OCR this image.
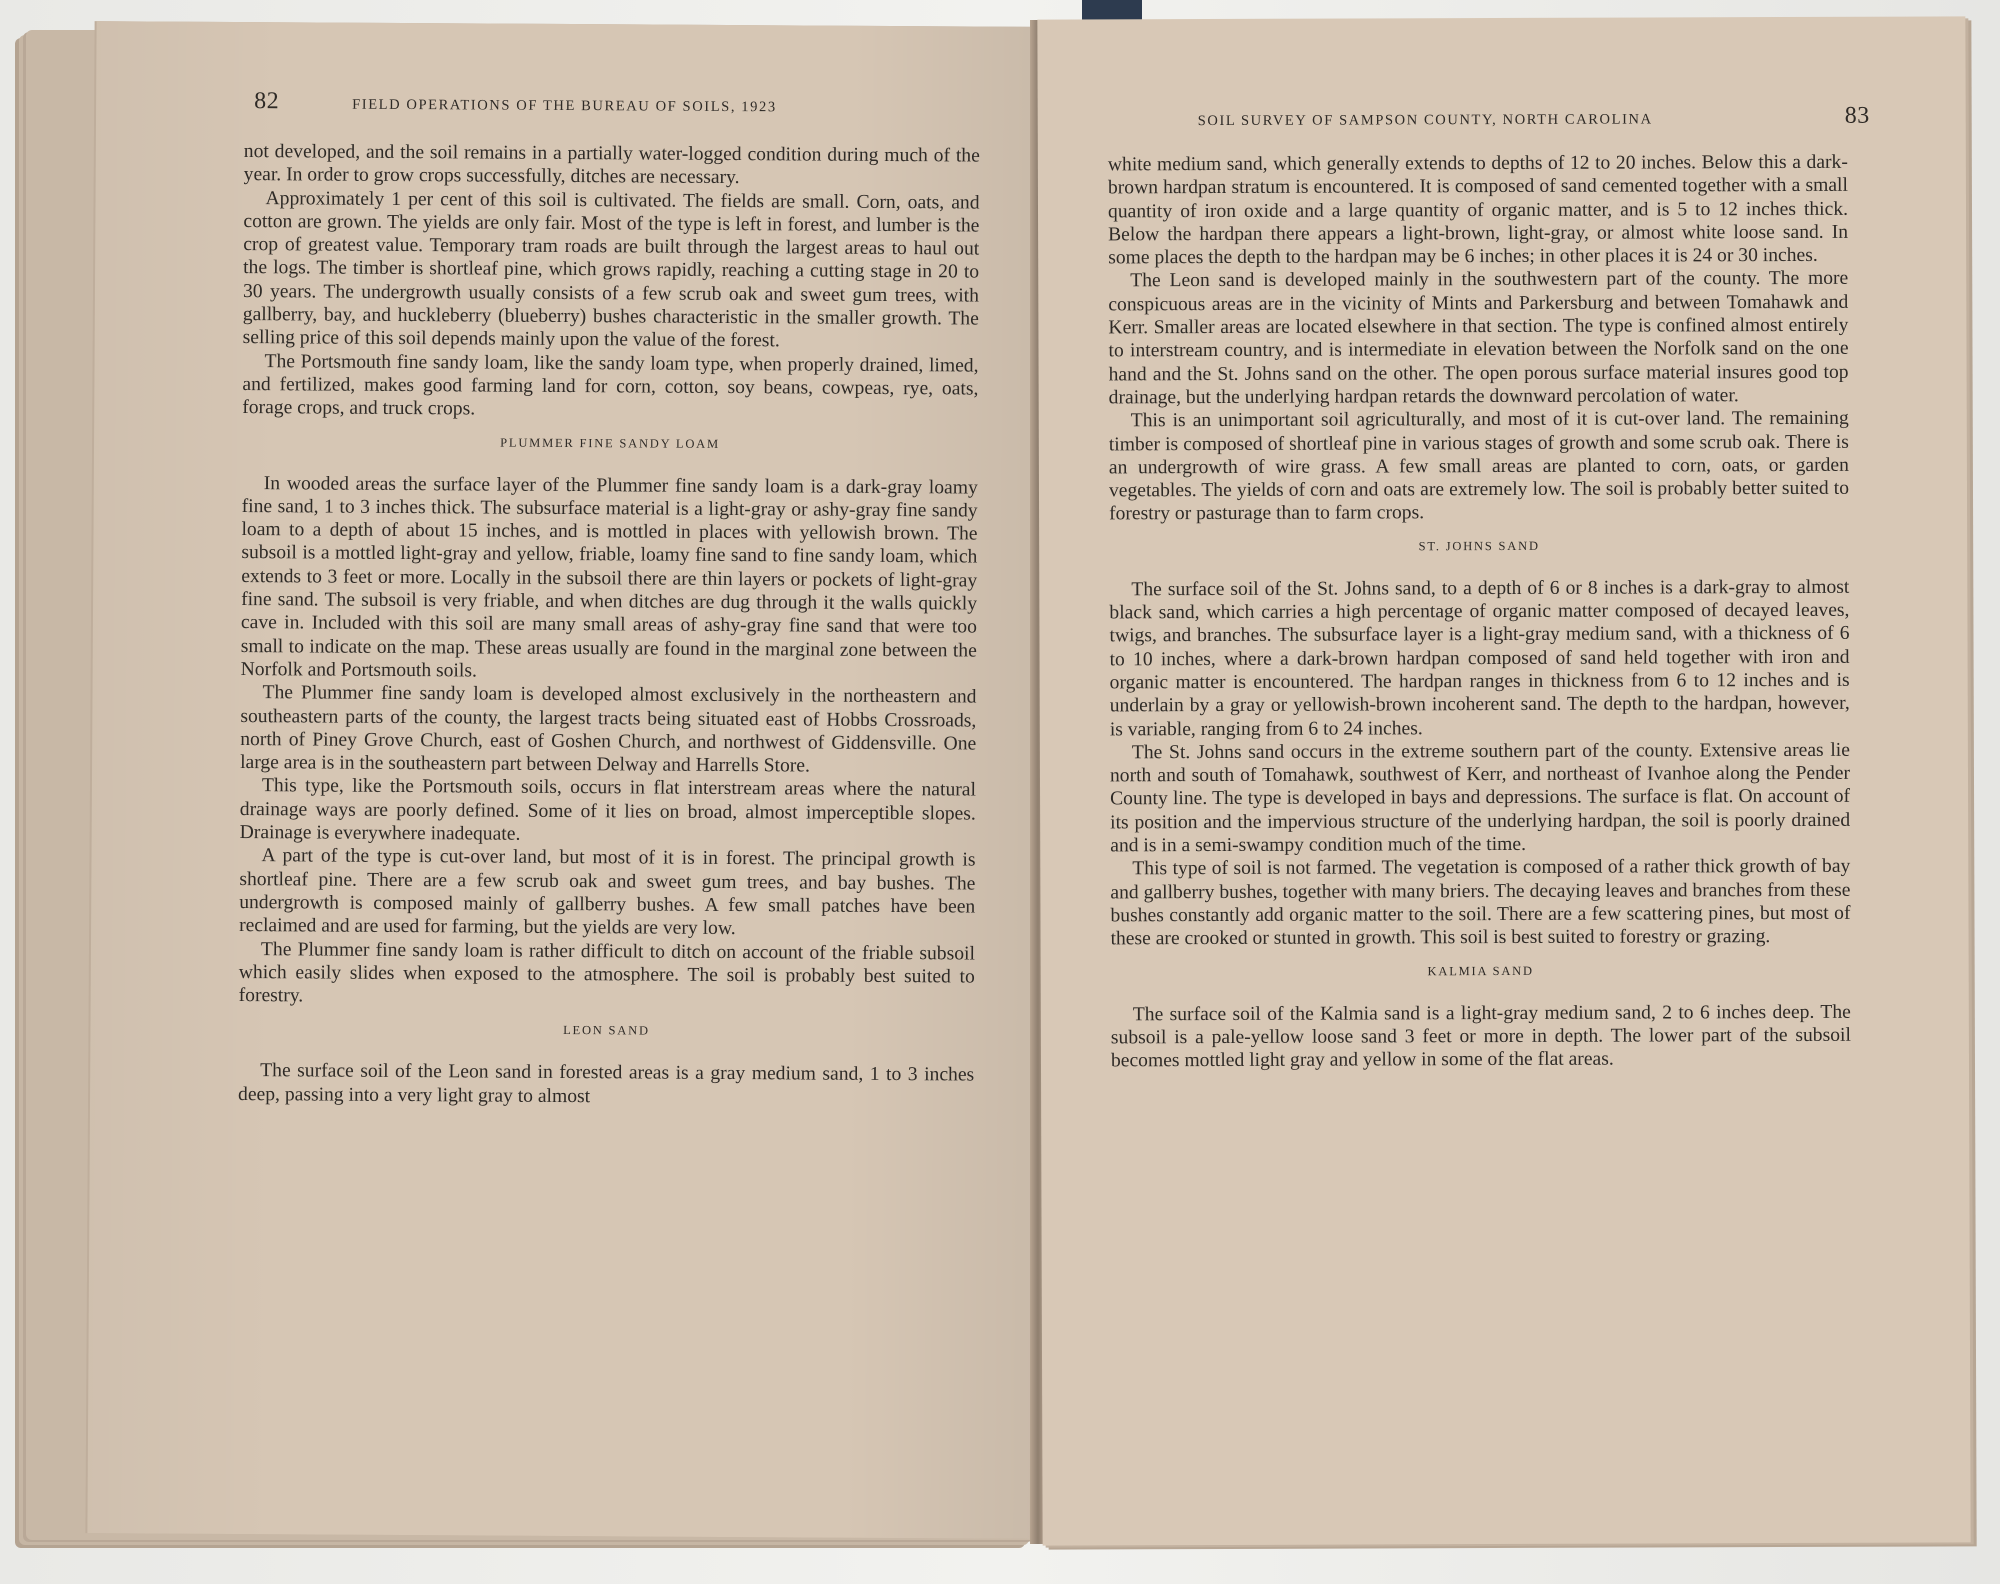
82	FIELD OPERATIONS OF THE BUREAU OF SOILS, 1923

not developed, and the soil remains in a partially water-logged condition during much of the year. In order to grow crops successfully, ditches are necessary.

Approximately 1 per cent of this soil is cultivated. The fields are small. Corn, oats, and cotton are grown. The yields are only fair. Most of the type is left in forest, and lumber is the crop of greatest value. Temporary tram roads are built through the largest areas to haul out the logs. The timber is shortleaf pine, which grows rapidly, reaching a cutting stage in 20 to 30 years. The undergrowth usually consists of a few scrub oak and sweet gum trees, with gallberry, bay, and huckleberry (blueberry) bushes characteristic in the smaller growth. The selling price of this soil depends mainly upon the value of the forest.

The Portsmouth fine sandy loam, like the sandy loam type, when properly drained, limed, and fertilized, makes good farming land for corn, cotton, soy beans, cowpeas, rye, oats, forage crops, and truck crops.

PLUMMER FINE SANDY LOAM

In wooded areas the surface layer of the Plummer fine sandy loam is a dark-gray loamy fine sand, 1 to 3 inches thick. The subsurface material is a light-gray or ashy-gray fine sandy loam to a depth of about 15 inches, and is mottled in places with yellowish brown. The subsoil is a mottled light-gray and yellow, friable, loamy fine sand to fine sandy loam, which extends to 3 feet or more. Locally in the subsoil there are thin layers or pockets of light-gray fine sand. The subsoil is very friable, and when ditches are dug through it the walls quickly cave in. Included with this soil are many small areas of ashy-gray fine sand that were too small to indicate on the map. These areas usually are found in the marginal zone between the Norfolk and Portsmouth soils.

The Plummer fine sandy loam is developed almost exclusively in the northeastern and southeastern parts of the county, the largest tracts being situated east of Hobbs Crossroads, north of Piney Grove Church, east of Goshen Church, and northwest of Giddensville. One large area is in the southeastern part between Delway and Harrells Store.

This type, like the Portsmouth soils, occurs in flat interstream areas where the natural drainage ways are poorly defined. Some of it lies on broad, almost imperceptible slopes. Drainage is everywhere inadequate.

A part of the type is cut-over land, but most of it is in forest. The principal growth is shortleaf pine. There are a few scrub oak and sweet gum trees, and bay bushes. The undergrowth is composed mainly of gallberry bushes. A few small patches have been reclaimed and are used for farming, but the yields are very low.

The Plummer fine sandy loam is rather difficult to ditch on account of the friable subsoil which easily slides when exposed to the atmosphere. The soil is probably best suited to forestry.

LEON SAND

The surface soil of the Leon sand in forested areas is a gray medium sand, 1 to 3 inches deep, passing into a very light gray to almost

SOIL SURVEY OF SAMPSON COUNTY, NORTH CAROLINA	83

white medium sand, which generally extends to depths of 12 to 20 inches. Below this a dark-brown hardpan stratum is encountered. It is composed of sand cemented together with a small quantity of iron oxide and a large quantity of organic matter, and is 5 to 12 inches thick. Below the hardpan there appears a light-brown, light-gray, or almost white loose sand. In some places the depth to the hardpan may be 6 inches; in other places it is 24 or 30 inches.

The Leon sand is developed mainly in the southwestern part of the county. The more conspicuous areas are in the vicinity of Mints and Parkersburg and between Tomahawk and Kerr. Smaller areas are located elsewhere in that section. The type is confined almost entirely to interstream country, and is intermediate in elevation between the Norfolk sand on the one hand and the St. Johns sand on the other. The open porous surface material insures good top drainage, but the underlying hardpan retards the downward percolation of water.

This is an unimportant soil agriculturally, and most of it is cut-over land. The remaining timber is composed of shortleaf pine in various stages of growth and some scrub oak. There is an undergrowth of wire grass. A few small areas are planted to corn, oats, or garden vegetables. The yields of corn and oats are extremely low. The soil is probably better suited to forestry or pasturage than to farm crops.

ST. JOHNS SAND

The surface soil of the St. Johns sand, to a depth of 6 or 8 inches is a dark-gray to almost black sand, which carries a high percentage of organic matter composed of decayed leaves, twigs, and branches. The subsurface layer is a light-gray medium sand, with a thickness of 6 to 10 inches, where a dark-brown hardpan composed of sand held together with iron and organic matter is encountered. The hardpan ranges in thickness from 6 to 12 inches and is underlain by a gray or yellowish-brown incoherent sand. The depth to the hardpan, however, is variable, ranging from 6 to 24 inches.

The St. Johns sand occurs in the extreme southern part of the county. Extensive areas lie north and south of Tomahawk, southwest of Kerr, and northeast of Ivanhoe along the Pender County line. The type is developed in bays and depressions. The surface is flat. On account of its position and the impervious structure of the underlying hardpan, the soil is poorly drained and is in a semi-swampy condition much of the time.

This type of soil is not farmed. The vegetation is composed of a rather thick growth of bay and gallberry bushes, together with many briers. The decaying leaves and branches from these bushes constantly add organic matter to the soil. There are a few scattering pines, but most of these are crooked or stunted in growth. This soil is best suited to forestry or grazing.

KALMIA SAND

The surface soil of the Kalmia sand is a light-gray medium sand, 2 to 6 inches deep. The subsoil is a pale-yellow loose sand 3 feet or more in depth. The lower part of the subsoil becomes mottled light gray and yellow in some of the flat areas.
